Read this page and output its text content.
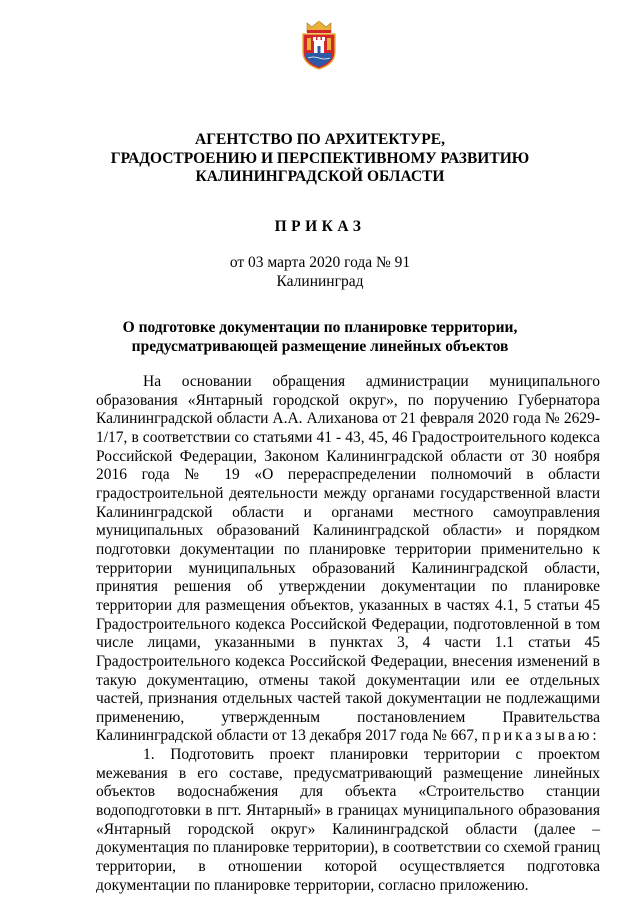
АГЕНТСТВО ПО АРХИТЕКТУРЕ,
ГРАДОСТРОЕНИЮ И ПЕРСПЕКТИВНОМУ РАЗВИТИЮ
КАЛИНИНГРАДСКОЙ ОБЛАСТИ
ПРИКАЗ
от 03 марта 2020 года № 91
Калининград
О подготовке документации по планировке территории,
предусматривающей размещение линейных объектов

На основании обращения администрации муниципального образования «Янтарный городской округ», по поручению Губернатора Калининградской области А.А. Алиханова от 21 февраля 2020 года № 2629-1/17, в соответствии со статьями 41 - 43, 45, 46 Градостроительного кодекса Российской Федерации, Законом Калининградской области от 30 ноября 2016 года № 19 «О перераспределении полномочий в области градостроительной деятельности между органами государственной власти Калининградской области и органами местного самоуправления муниципальных образований Калининградской области» и порядком подготовки документации по планировке территории применительно к территории муниципальных образований Калининградской области, принятия решения об утверждении документации по планировке территории для размещения объектов, указанных в частях 4.1, 5 статьи 45 Градостроительного кодекса Российской Федерации, подготовленной в том числе лицами, указанными в пунктах 3, 4 части 1.1 статьи 45 Градостроительного кодекса Российской Федерации, внесения изменений в такую документацию, отмены такой документации или ее отдельных частей, признания отдельных частей такой документации не подлежащими применению, утвержденным постановлением Правительства Калининградской области от 13 декабря 2017 года № 667, приказываю:

1. Подготовить проект планировки территории с проектом межевания в его составе, предусматривающий размещение линейных объектов водоснабжения для объекта «Строительство станции водоподготовки в пгт. Янтарный» в границах муниципального образования «Янтарный городской округ» Калининградской области (далее – документация по планировке территории), в соответствии со схемой границ территории, в отношении которой осуществляется подготовка документации по планировке территории, согласно приложению.
